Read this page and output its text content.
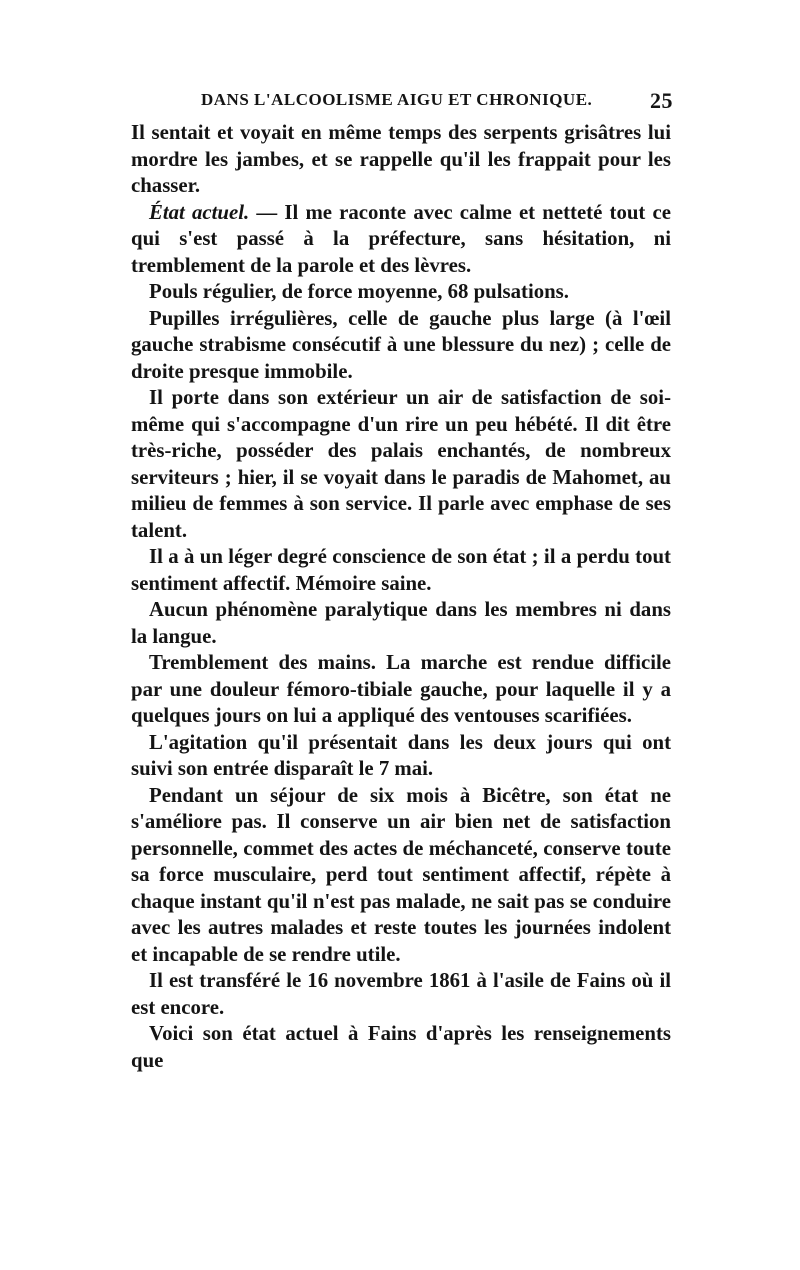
DANS L'ALCOOLISME AIGU ET CHRONIQUE.	25

Il sentait et voyait en même temps des serpents grisâtres lui mordre les jambes, et se rappelle qu'il les frappait pour les chasser.

État actuel. — Il me raconte avec calme et netteté tout ce qui s'est passé à la préfecture, sans hésitation, ni tremblement de la parole et des lèvres.

Pouls régulier, de force moyenne, 68 pulsations.

Pupilles irrégulières, celle de gauche plus large (à l'œil gauche strabisme consécutif à une blessure du nez) ; celle de droite presque immobile.

Il porte dans son extérieur un air de satisfaction de soi-même qui s'accompagne d'un rire un peu hébété. Il dit être très-riche, posséder des palais enchantés, de nombreux serviteurs ; hier, il se voyait dans le paradis de Mahomet, au milieu de femmes à son service. Il parle avec emphase de ses talent.

Il a à un léger degré conscience de son état ; il a perdu tout sentiment affectif. Mémoire saine.

Aucun phénomène paralytique dans les membres ni dans la langue.

Tremblement des mains. La marche est rendue difficile par une douleur fémoro-tibiale gauche, pour laquelle il y a quelques jours on lui a appliqué des ventouses scarifiées.

L'agitation qu'il présentait dans les deux jours qui ont suivi son entrée disparaît le 7 mai.

Pendant un séjour de six mois à Bicêtre, son état ne s'améliore pas. Il conserve un air bien net de satisfaction personnelle, commet des actes de méchanceté, conserve toute sa force musculaire, perd tout sentiment affectif, répète à chaque instant qu'il n'est pas malade, ne sait pas se conduire avec les autres malades et reste toutes les journées indolent et incapable de se rendre utile.

Il est transféré le 16 novembre 1861 à l'asile de Fains où il est encore.

Voici son état actuel à Fains d'après les renseignements que
